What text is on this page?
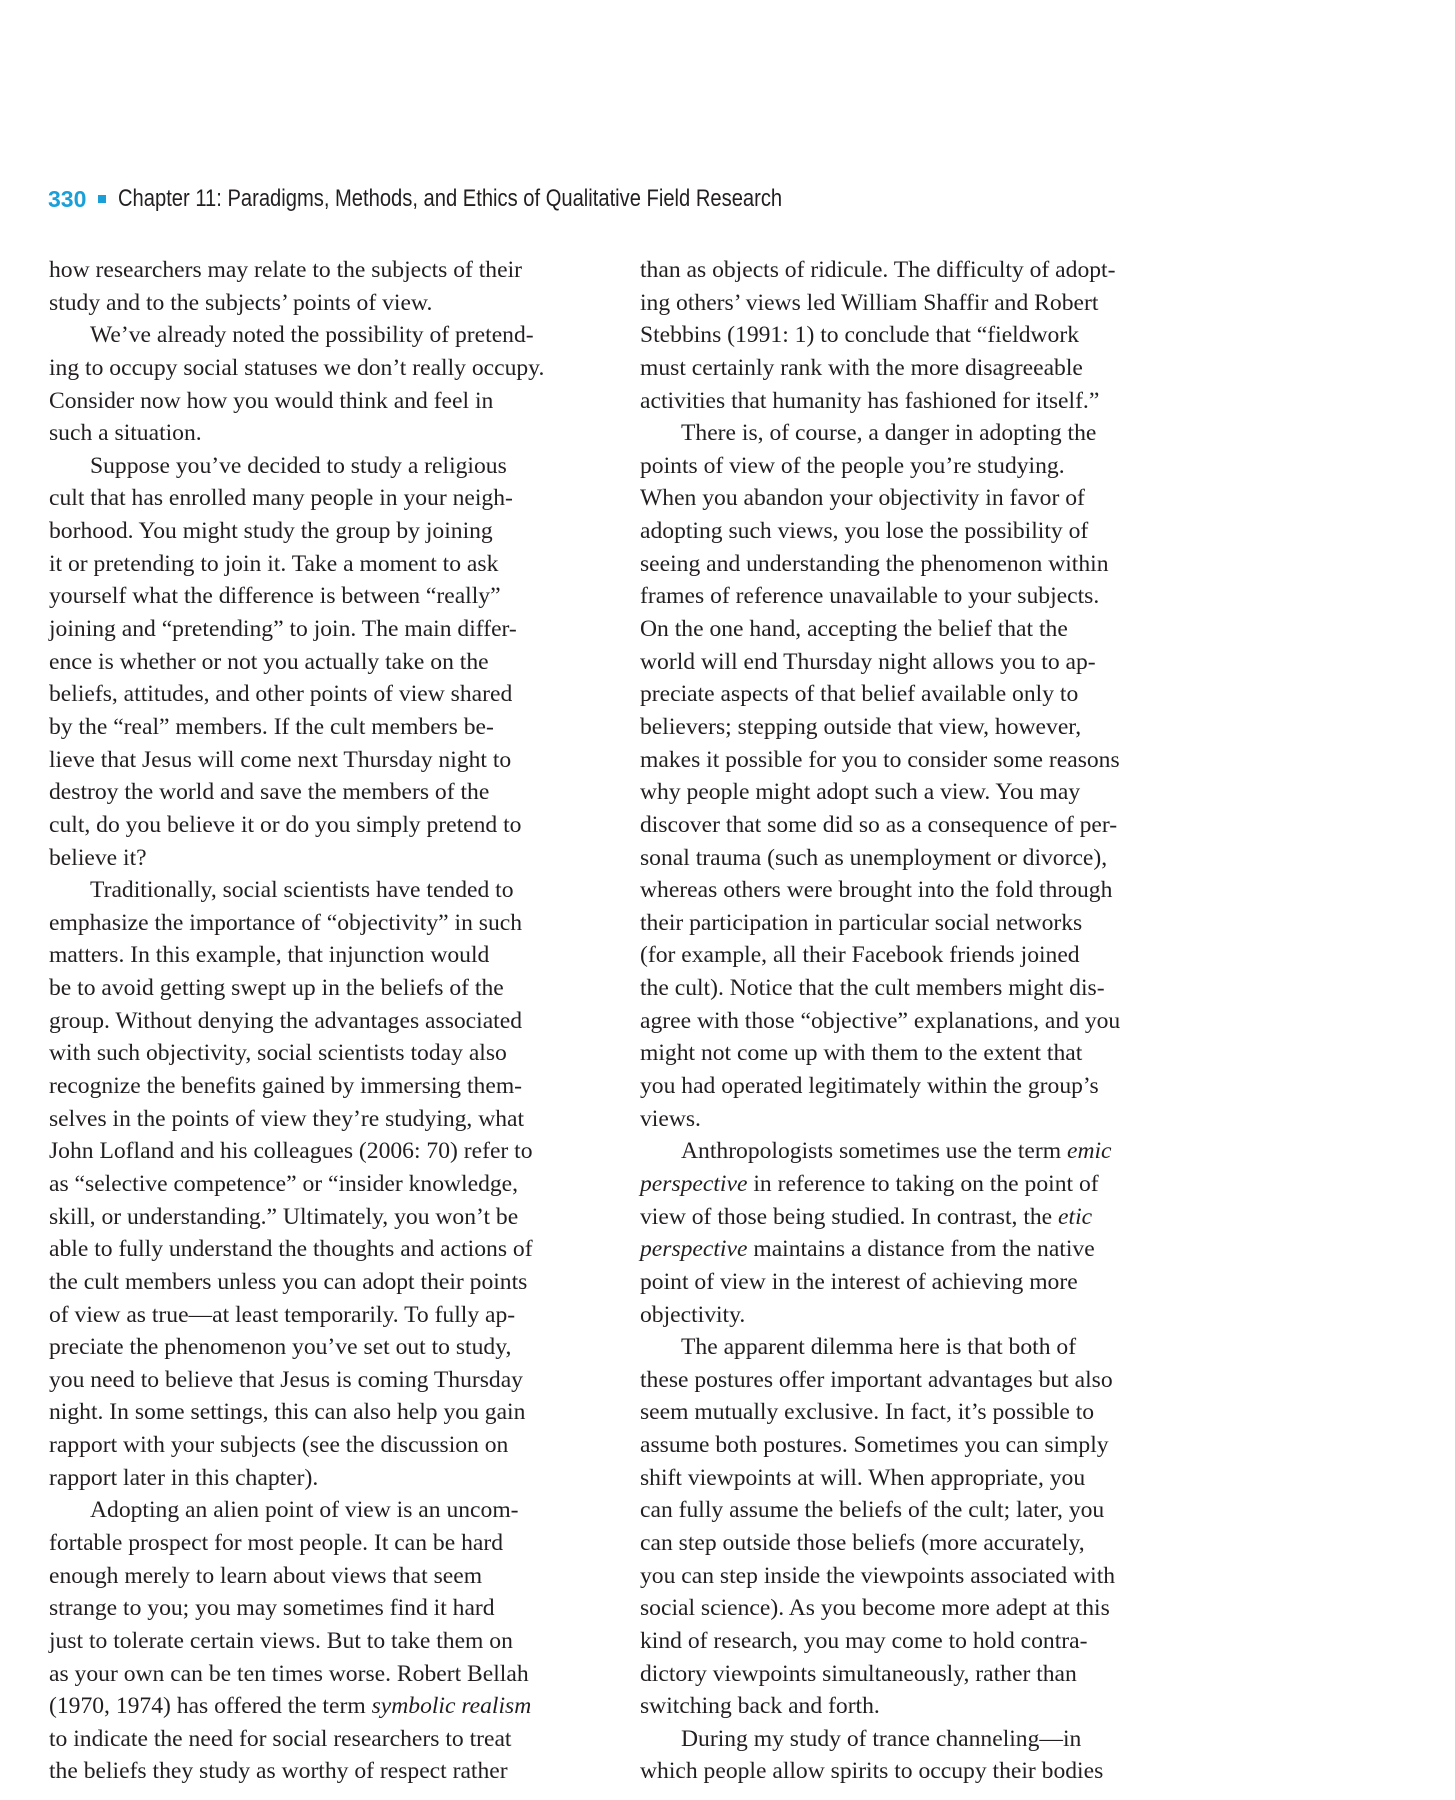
330 Chapter 11: Paradigms, Methods, and Ethics of Qualitative Field Research
how researchers may relate to the subjects of their
study and to the subjects’ points of view.
We’ve already noted the possibility of pretend-
ing to occupy social statuses we don’t really occupy.
Consider now how you would think and feel in
such a situation.
Suppose you’ve decided to study a religious
cult that has enrolled many people in your neigh-
borhood. You might study the group by joining
it or pretending to join it. Take a moment to ask
yourself what the difference is between “really”
joining and “pretending” to join. The main differ-
ence is whether or not you actually take on the
beliefs, attitudes, and other points of view shared
by the “real” members. If the cult members be-
lieve that Jesus will come next Thursday night to
destroy the world and save the members of the
cult, do you believe it or do you simply pretend to
believe it?
Traditionally, social scientists have tended to
emphasize the importance of “objectivity” in such
matters. In this example, that injunction would
be to avoid getting swept up in the beliefs of the
group. Without denying the advantages associated
with such objectivity, social scientists today also
recognize the benefits gained by immersing them-
selves in the points of view they’re studying, what
John Lofland and his colleagues (2006: 70) refer to
as “selective competence” or “insider knowledge,
skill, or understanding.” Ultimately, you won’t be
able to fully understand the thoughts and actions of
the cult members unless you can adopt their points
of view as true—at least temporarily. To fully ap-
preciate the phenomenon you’ve set out to study,
you need to believe that Jesus is coming Thursday
night. In some settings, this can also help you gain
rapport with your subjects (see the discussion on
rapport later in this chapter).
Adopting an alien point of view is an uncom-
fortable prospect for most people. It can be hard
enough merely to learn about views that seem
strange to you; you may sometimes find it hard
just to tolerate certain views. But to take them on
as your own can be ten times worse. Robert Bellah
(1970, 1974) has offered the term symbolic realism
to indicate the need for social researchers to treat
the beliefs they study as worthy of respect rather
than as objects of ridicule. The difficulty of adopt-
ing others’ views led William Shaffir and Robert
Stebbins (1991: 1) to conclude that “fieldwork
must certainly rank with the more disagreeable
activities that humanity has fashioned for itself.”
There is, of course, a danger in adopting the
points of view of the people you’re studying.
When you abandon your objectivity in favor of
adopting such views, you lose the possibility of
seeing and understanding the phenomenon within
frames of reference unavailable to your subjects.
On the one hand, accepting the belief that the
world will end Thursday night allows you to ap-
preciate aspects of that belief available only to
believers; stepping outside that view, however,
makes it possible for you to consider some reasons
why people might adopt such a view. You may
discover that some did so as a consequence of per-
sonal trauma (such as unemployment or divorce),
whereas others were brought into the fold through
their participation in particular social networks
(for example, all their Facebook friends joined
the cult). Notice that the cult members might dis-
agree with those “objective” explanations, and you
might not come up with them to the extent that
you had operated legitimately within the group’s
views.
Anthropologists sometimes use the term emic
perspective in reference to taking on the point of
view of those being studied. In contrast, the etic
perspective maintains a distance from the native
point of view in the interest of achieving more
objectivity.
The apparent dilemma here is that both of
these postures offer important advantages but also
seem mutually exclusive. In fact, it’s possible to
assume both postures. Sometimes you can simply
shift viewpoints at will. When appropriate, you
can fully assume the beliefs of the cult; later, you
can step outside those beliefs (more accurately,
you can step inside the viewpoints associated with
social science). As you become more adept at this
kind of research, you may come to hold contra-
dictory viewpoints simultaneously, rather than
switching back and forth.
During my study of trance channeling—in
which people allow spirits to occupy their bodies
